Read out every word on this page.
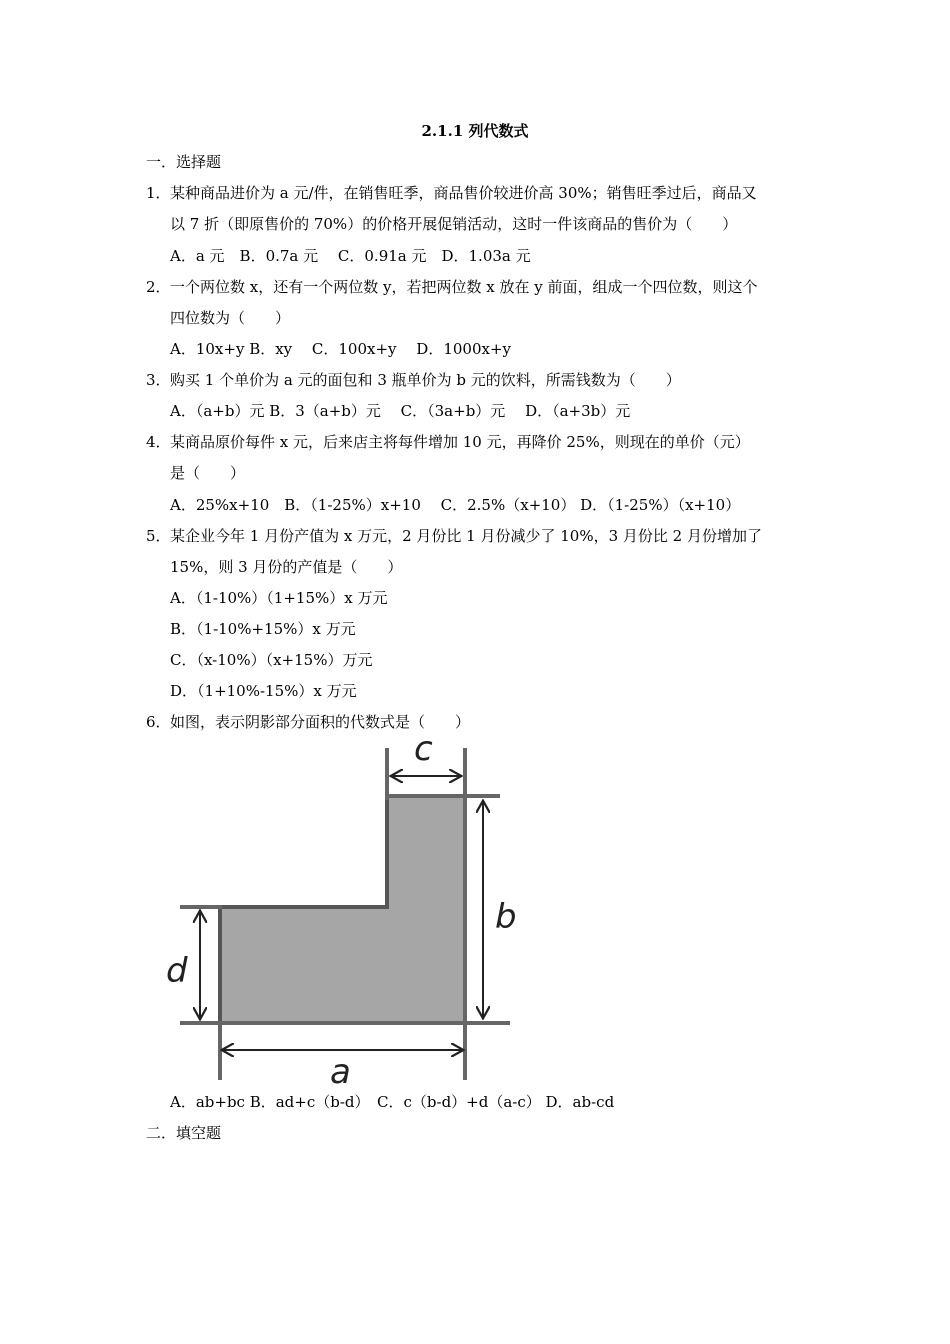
2.1.1 列代数式
一．选择题
1．某种商品进价为 a 元/件，在销售旺季，商品售价较进价高 30%；销售旺季过后，商品又
以 7 折（即原售价的 70%）的价格开展促销活动，这时一件该商品的售价为（　　）
A．a 元　B．0.7a 元　 C．0.91a 元　D．1.03a 元
2．一个两位数 x，还有一个两位数 y，若把两位数 x 放在 y 前面，组成一个四位数，则这个
四位数为（　　）
A．10x+y B．xy　 C．100x+y　 D．1000x+y
3．购买 1 个单价为 a 元的面包和 3 瓶单价为 b 元的饮料，所需钱数为（　　）
A．（a+b）元 B．3（a+b）元　 C．（3a+b）元　 D．（a+3b）元
4．某商品原价每件 x 元，后来店主将每件增加 10 元，再降价 25%，则现在的单价（元）
是（　　）
A．25%x+10　B．（1-25%）x+10　 C．2.5%（x+10） D．（1-25%）（x+10）
5．某企业今年 1 月份产值为 x 万元，2 月份比 1 月份减少了 10%，3 月份比 2 月份增加了
15%，则 3 月份的产值是（　　）
A．（1-10%）（1+15%）x 万元
B．（1-10%+15%）x 万元
C．（x-10%）（x+15%）万元
D．（1+10%-15%）x 万元
6．如图，表示阴影部分面积的代数式是（　　）
c
b
d
a
A．ab+bc B．ad+c（b-d）　C．c（b-d）+d（a-c） D．ab-cd
二．填空题
